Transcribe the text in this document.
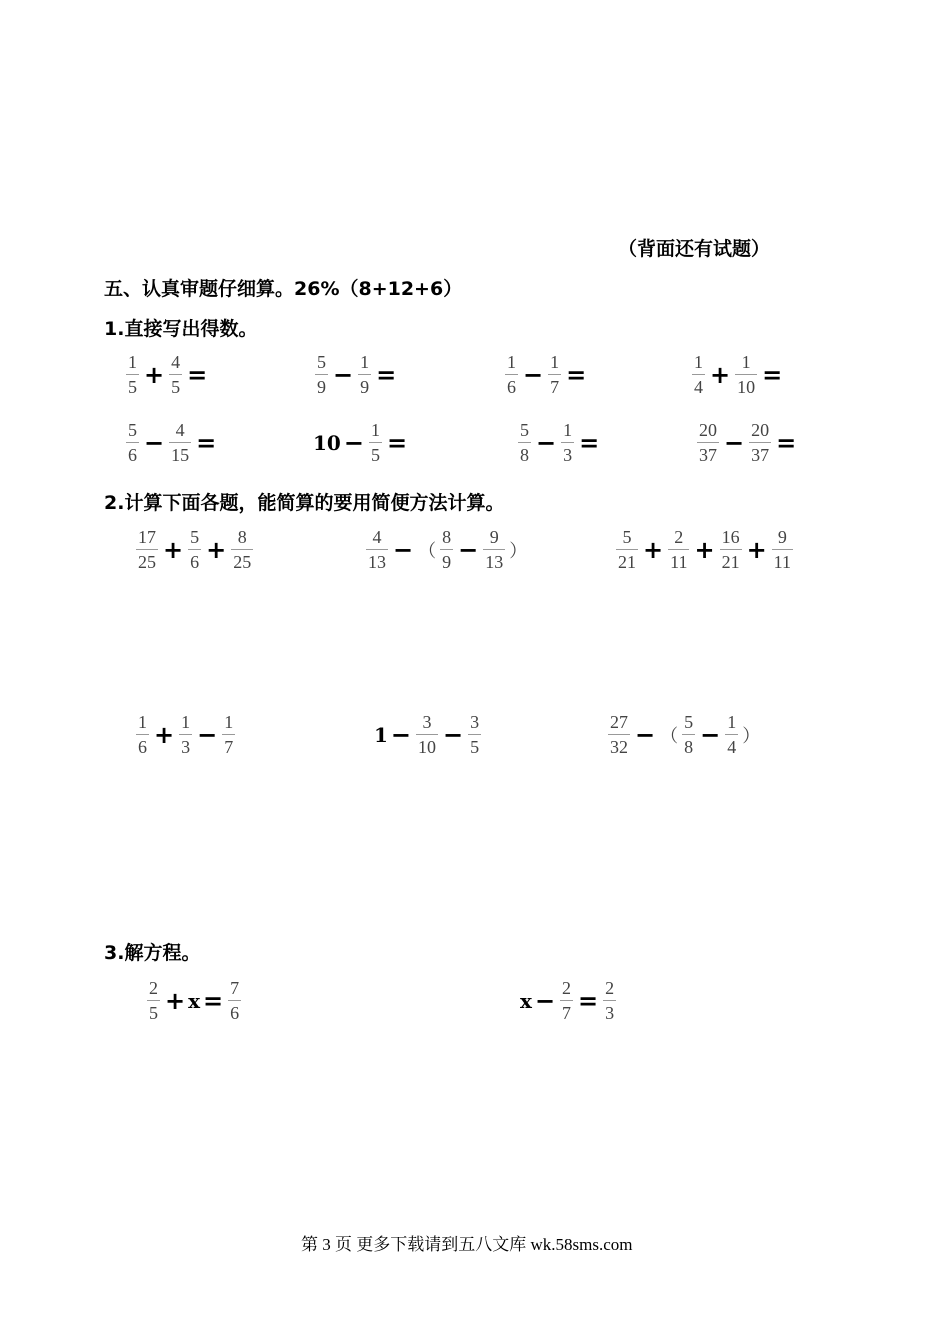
（背面还有试题）
五、认真审题仔细算。26%（8+12+6）
1.直接写出得数。
$\frac{1}{5} + \frac{4}{5}$ =	$\frac{5}{9} - \frac{1}{9}$ =	$\frac{1}{6} - \frac{1}{7}$ =	$\frac{1}{4} + \frac{1}{10}$ =
$\frac{5}{6} - \frac{4}{15}$ =	$10 - \frac{1}{5}$ =	$\frac{5}{8} - \frac{1}{3}$ =	$\frac{20}{37} - \frac{20}{37}$ =
2.计算下面各题，能简算的要用简便方法计算。
$\frac{17}{25} + \frac{5}{6} + \frac{8}{25}$	$\frac{4}{13}$ − （ $\frac{8}{9} - \frac{9}{13}$ ）	$\frac{5}{21} + \frac{2}{11} + \frac{16}{21} + \frac{9}{11}$
$\frac{1}{6} + \frac{1}{3} - \frac{1}{7}$	$1 - \frac{3}{10} - \frac{3}{5}$	$\frac{27}{32}$ − （ $\frac{5}{8} - \frac{1}{4}$ ）
3.解方程。
$\frac{2}{5} + x = \frac{7}{6}$	$x - \frac{2}{7} = \frac{2}{3}$
第 3 页 更多下载请到五八文库 wk.58sms.com
